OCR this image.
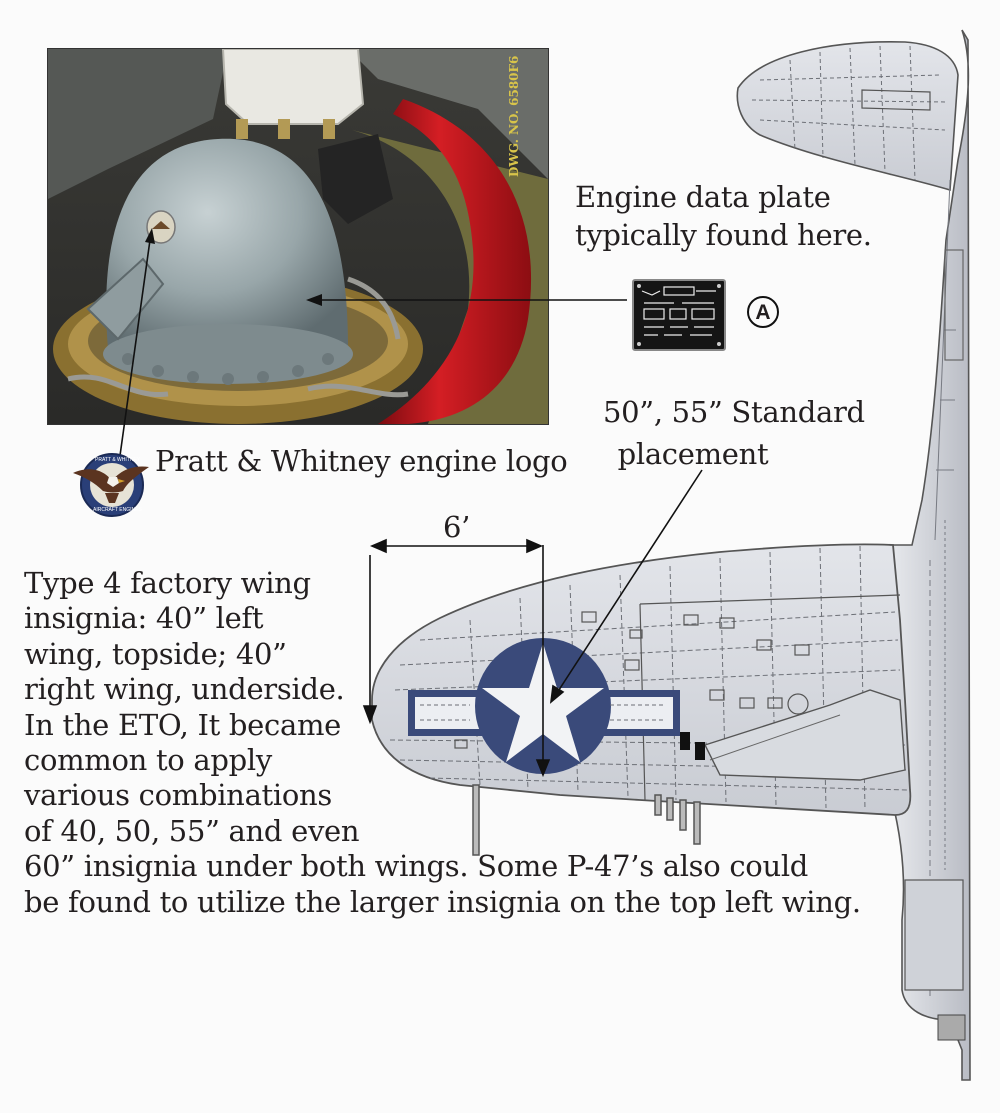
DWG. NO. 6580F6
A
PRATT & WHITNEY
AIRCRAFT ENGINES
Engine data plate
typically found here.
50”, 55” Standard
placement
Pratt & Whitney engine logo
6’
Type 4 factory wing
insignia: 40” left
wing, topside; 40”
right wing, underside.
In the ETO, It became
common to apply
various combinations
of 40, 50, 55” and even
60” insignia under both wings. Some P-47’s also could
be found to utilize the larger insignia on the top left wing.
